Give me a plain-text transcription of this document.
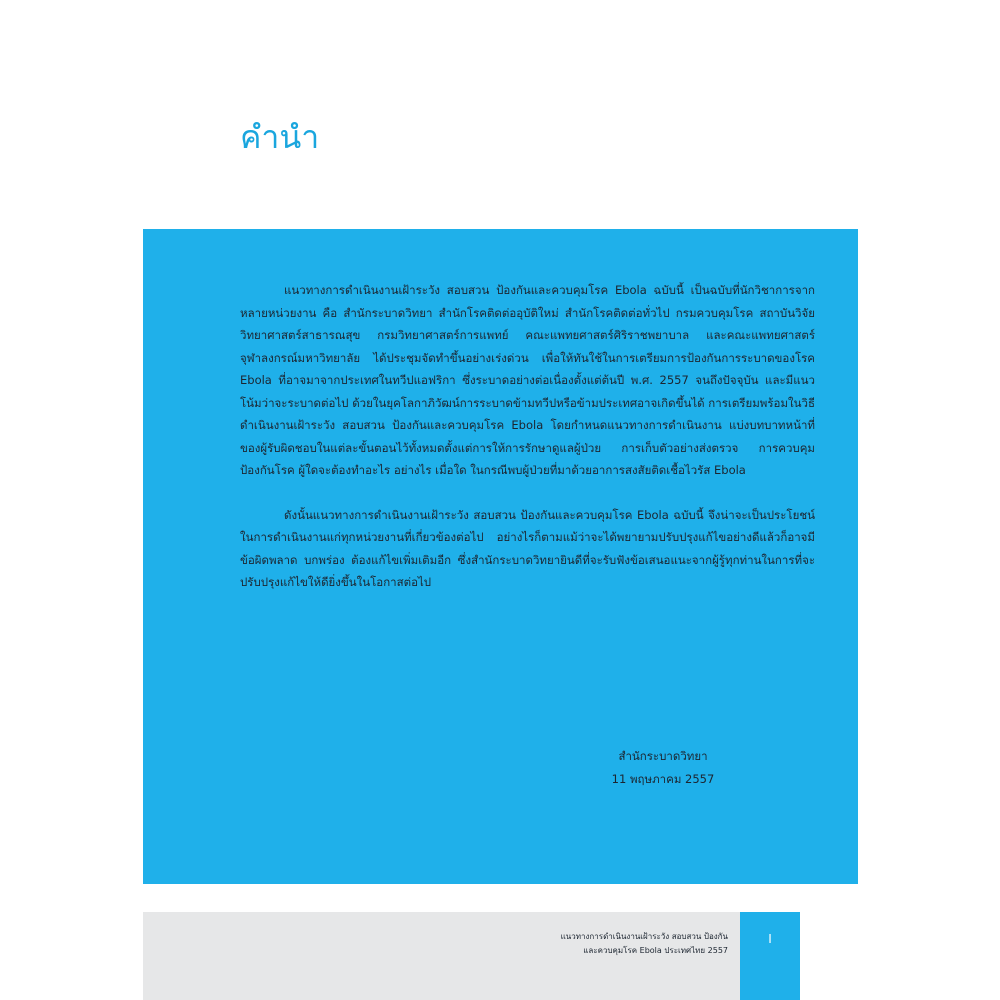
คำนำ

แนวทางการดำเนินงานเฝ้าระวัง สอบสวน ป้องกันและควบคุมโรค Ebola ฉบับนี้ เป็นฉบับที่นักวิชาการจากหลายหน่วยงาน คือ สำนักระบาดวิทยา สำนักโรคติดต่ออุบัติใหม่ สำนักโรคติดต่อทั่วไป กรมควบคุมโรค สถาบันวิจัยวิทยาศาสตร์สาธารณสุข กรมวิทยาศาสตร์การแพทย์ คณะแพทยศาสตร์ศิริราชพยาบาล และคณะแพทยศาสตร์ จุฬาลงกรณ์มหาวิทยาลัย ได้ประชุมจัดทำขึ้นอย่างเร่งด่วน เพื่อให้ทันใช้ในการเตรียมการป้องกันการระบาดของโรค Ebola ที่อาจมาจากประเทศในทวีปแอฟริกา ซึ่งระบาดอย่างต่อเนื่องตั้งแต่ต้นปี พ.ศ. 2557 จนถึงปัจจุบัน และมีแนวโน้มว่าจะระบาดต่อไป ด้วยในยุคโลกาภิวัฒน์การระบาดข้ามทวีปหรือข้ามประเทศอาจเกิดขึ้นได้ การเตรียมพร้อมในวิธีดำเนินงานเฝ้าระวัง สอบสวน ป้องกันและควบคุมโรค Ebola โดยกำหนดแนวทางการดำเนินงาน แบ่งบทบาทหน้าที่ของผู้รับผิดชอบในแต่ละขั้นตอนไว้ทั้งหมดตั้งแต่การให้การรักษาดูแลผู้ป่วย การเก็บตัวอย่างส่งตรวจ การควบคุมป้องกันโรค ผู้ใดจะต้องทำอะไร อย่างไร เมื่อใด ในกรณีพบผู้ป่วยที่มาด้วยอาการสงสัยติดเชื้อไวรัส Ebola

ดังนั้นแนวทางการดำเนินงานเฝ้าระวัง สอบสวน ป้องกันและควบคุมโรค Ebola ฉบับนี้ จึงน่าจะเป็นประโยชน์ในการดำเนินงานแก่ทุกหน่วยงานที่เกี่ยวข้องต่อไป อย่างไรก็ตามแม้ว่าจะได้พยายามปรับปรุงแก้ไขอย่างดีแล้วก็อาจมีข้อผิดพลาด บกพร่อง ต้องแก้ไขเพิ่มเติมอีก ซึ่งสำนักระบาดวิทยายินดีที่จะรับฟังข้อเสนอแนะจากผู้รู้ทุกท่านในการที่จะปรับปรุงแก้ไขให้ดียิ่งขึ้นในโอกาสต่อไป

สำนักระบาดวิทยา
11 พฤษภาคม 2557
แนวทางการดำเนินงานเฝ้าระวัง สอบสวน ป้องกัน
และควบคุมโรค Ebola ประเทศไทย 2557
I
